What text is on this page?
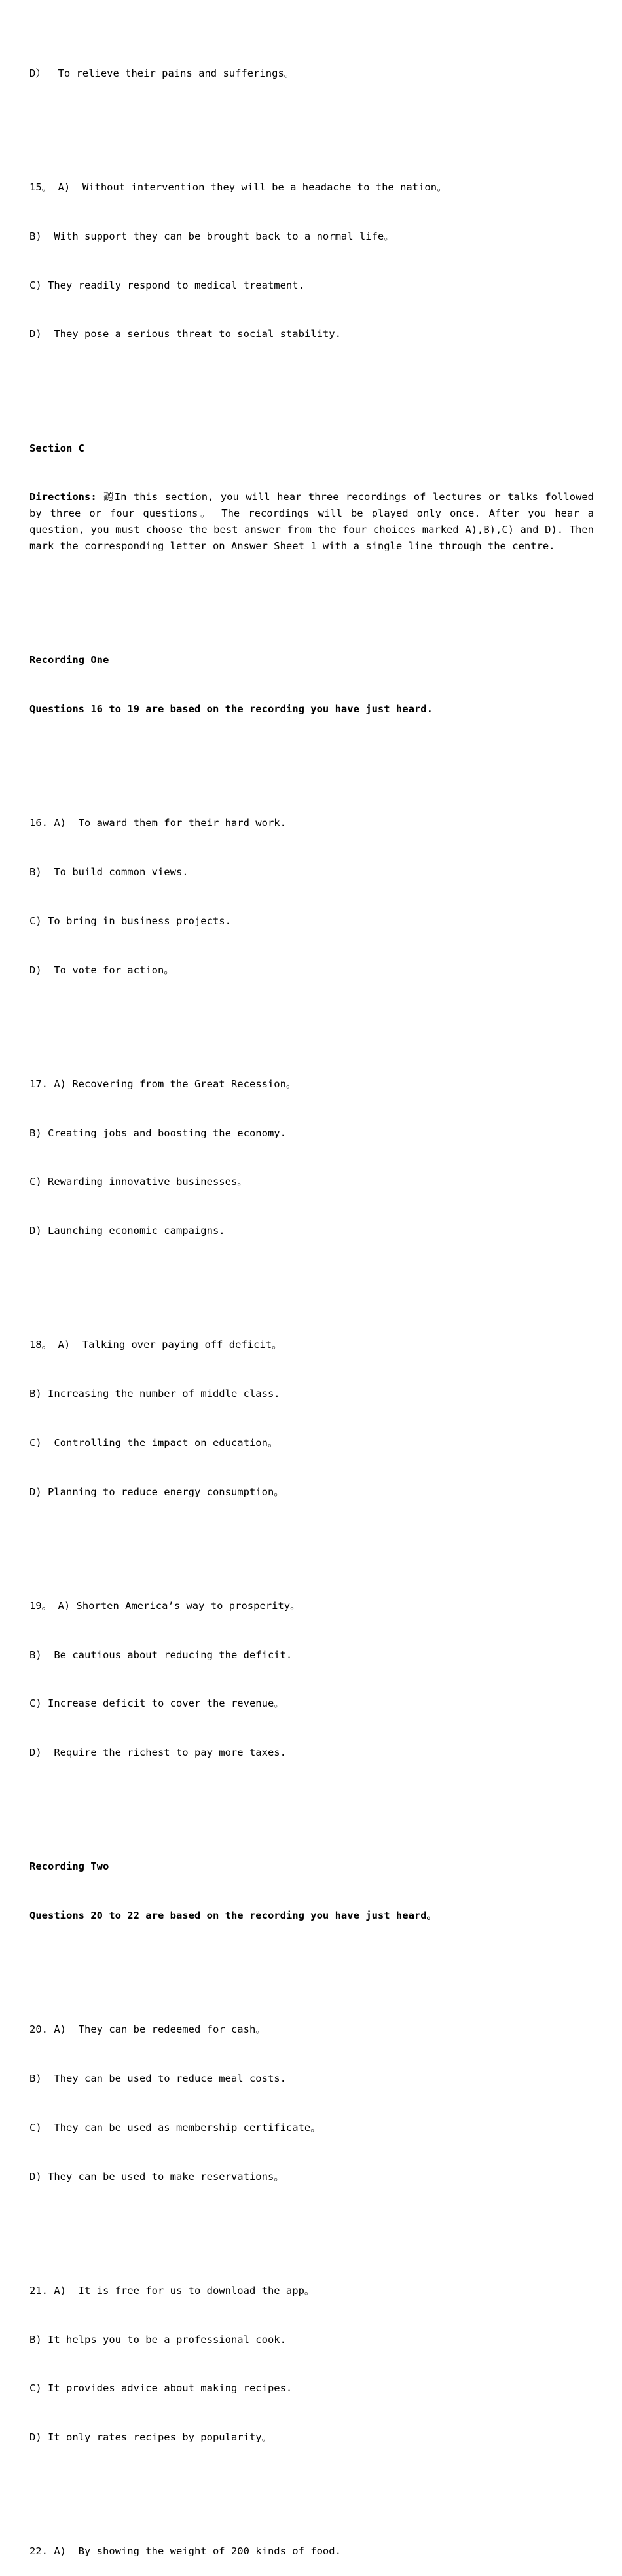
D）  To relieve their pains and sufferings。

15。 A)  Without intervention they will be a headache to the nation。

B)  With support they can be brought back to a normal life。

C) They readily respond to medical treatment.

D)  They pose a serious threat to social stability.

Section C

Directions: 聽In this section, you will hear three recordings of lectures or talks followed by three or four questions。 The recordings will be played only once. After you hear a question, you must choose the best answer from the four choices marked A),B),C) and D). Then mark the corresponding letter on Answer Sheet 1 with a single line through the centre.

Recording One

Questions 16 to 19 are based on the recording you have just heard.

16. A)  To award them for their hard work.

B)  To build common views.

C) To bring in business projects.

D)  To vote for action。

17. A) Recovering from the Great Recession。

B) Creating jobs and boosting the economy.

C) Rewarding innovative businesses。

D) Launching economic campaigns.

18。 A)  Talking over paying off deficit。

B) Increasing the number of middle class.

C)  Controlling the impact on education。

D) Planning to reduce energy consumption。

19。 A) Shorten America’s way to prosperity。

B)  Be cautious about reducing the deficit.

C) Increase deficit to cover the revenue。

D)  Require the richest to pay more taxes.

Recording Two

Questions 20 to 22 are based on the recording you have just heard。

20. A)  They can be redeemed for cash。

B)  They can be used to reduce meal costs.

C)  They can be used as membership certificate。

D) They can be used to make reservations。

21. A)  It is free for us to download the app。

B) It helps you to be a professional cook.

C) It provides advice about making recipes.

D) It only rates recipes by popularity。

22. A)  By showing the weight of 200 kinds of food.
